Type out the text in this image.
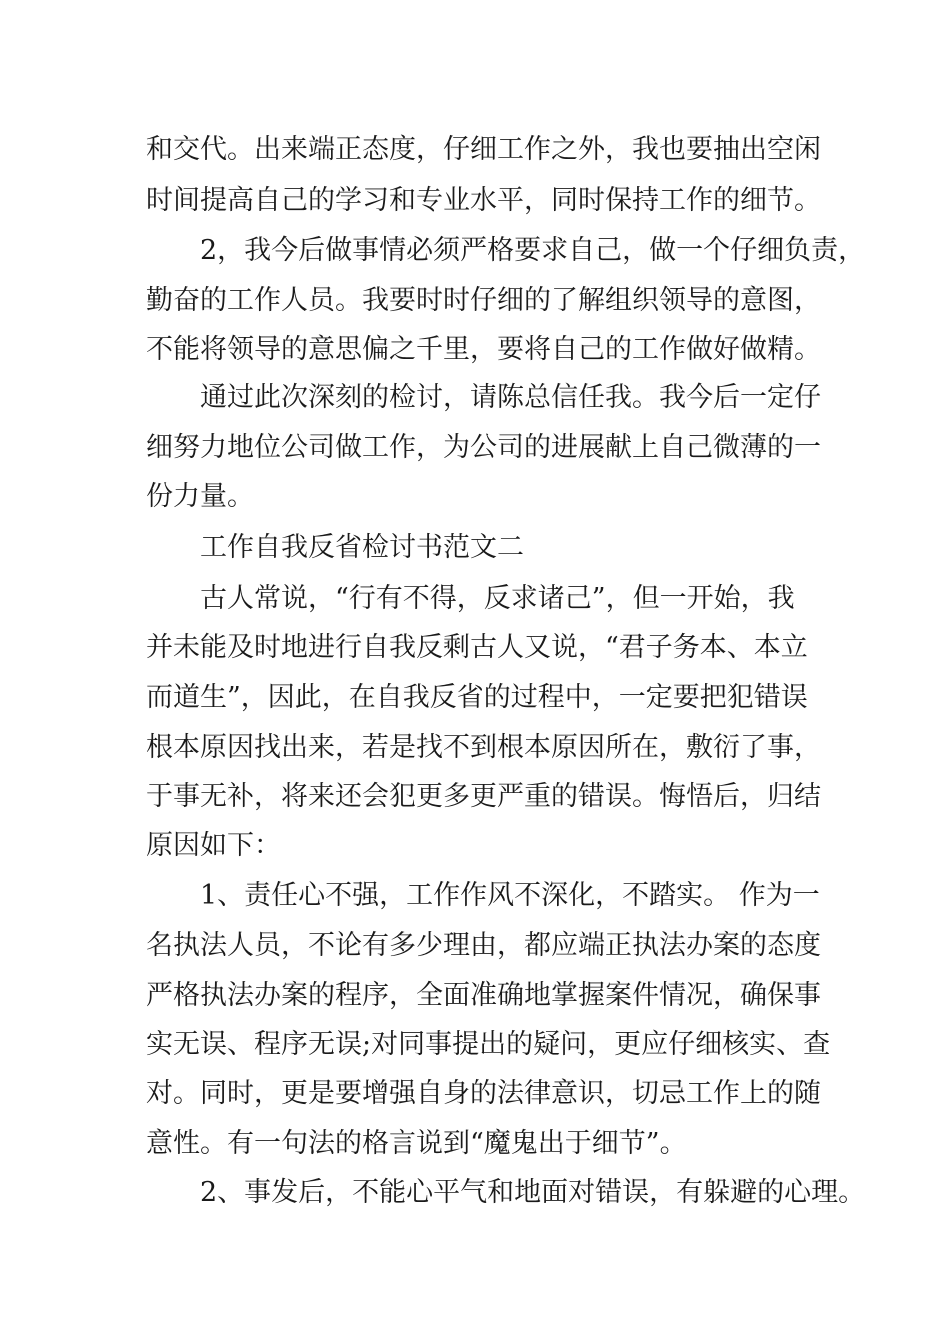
和交代。出来端正态度，仔细工作之外，我也要抽出空闲
时间提高自己的学习和专业水平，同时保持工作的细节。
2，我今后做事情必须严格要求自己，做一个仔细负责，
勤奋的工作人员。我要时时仔细的了解组织领导的意图，
不能将领导的意思偏之千里，要将自己的工作做好做精。
通过此次深刻的检讨，请陈总信任我。我今后一定仔
细努力地位公司做工作，为公司的进展献上自己微薄的一
份力量。
工作自我反省检讨书范文二
古人常说，“行有不得，反求诸己”，但一开始，我
并未能及时地进行自我反剩古人又说，“君子务本、本立
而道生”，因此，在自我反省的过程中，一定要把犯错误
根本原因找出来，若是找不到根本原因所在，敷衍了事，
于事无补，将来还会犯更多更严重的错误。悔悟后，归结
原因如下：
1、责任心不强，工作作风不深化，不踏实。 作为一
名执法人员，不论有多少理由，都应端正执法办案的态度
严格执法办案的程序，全面准确地掌握案件情况，确保事
实无误、程序无误;对同事提出的疑问，更应仔细核实、查
对。同时，更是要增强自身的法律意识，切忌工作上的随
意性。有一句法的格言说到“魔鬼出于细节”。
2、事发后，不能心平气和地面对错误，有躲避的心理。
